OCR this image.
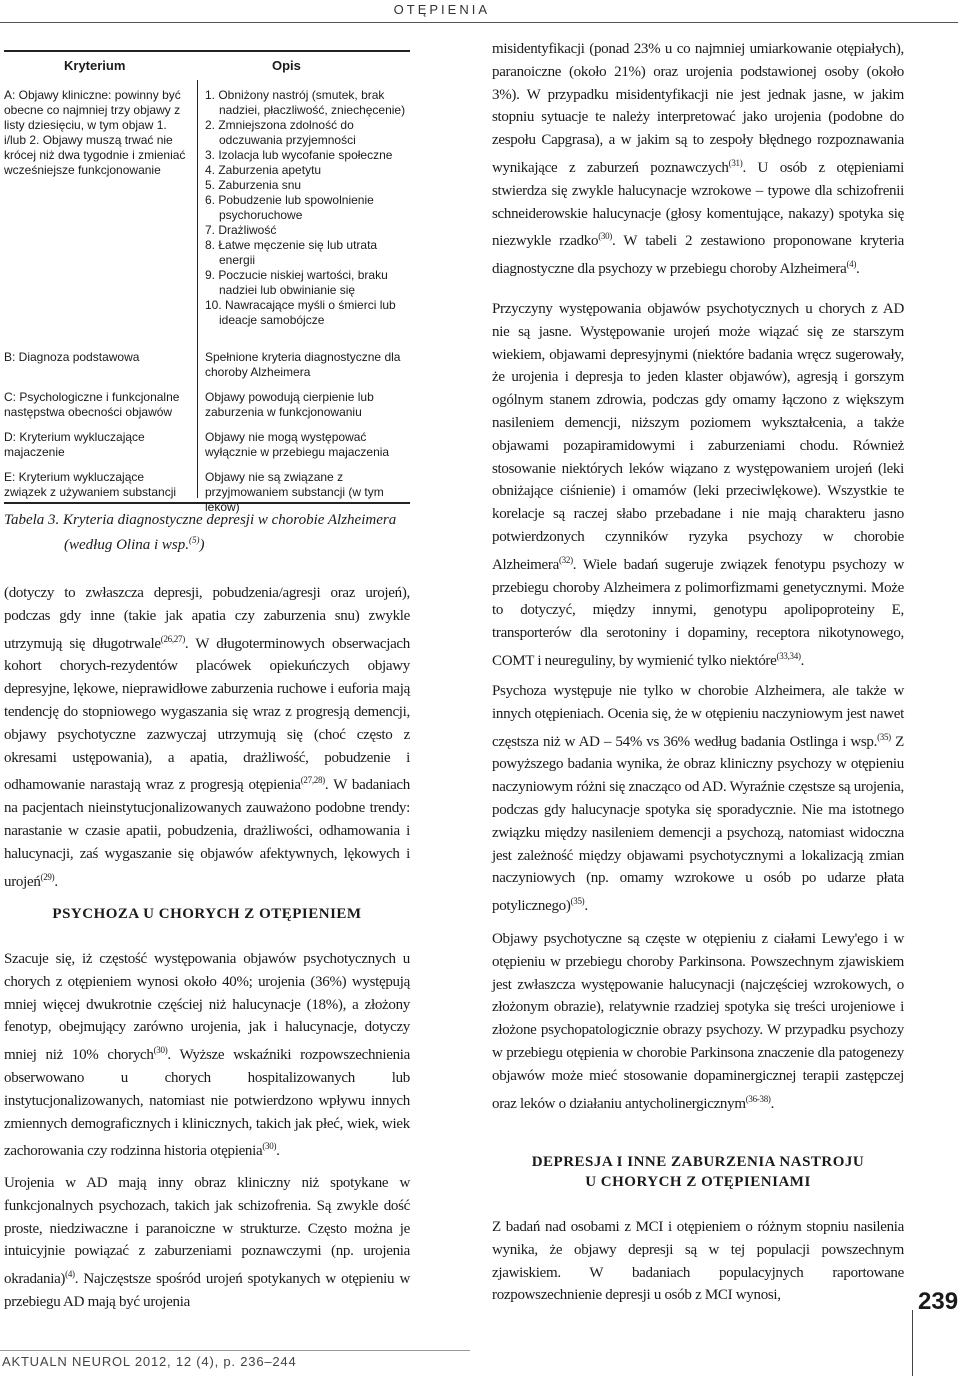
OTĘPIENIA
Kryterium	Opis
A: Objawy kliniczne: powinny być obecne co najmniej trzy objawy z listy dziesięciu, w tym objaw 1. i/lub 2. Objawy muszą trwać nie krócej niż dwa tygodnie i zmieniać wcześniejsze funkcjonowanie
1. Obniżony nastrój (smutek, brak nadziei, płaczliwość, zniechęcenie)
2. Zmniejszona zdolność do odczuwania przyjemności
3. Izolacja lub wycofanie społeczne
4. Zaburzenia apetytu
5. Zaburzenia snu
6. Pobudzenie lub spowolnienie psychoruchowe
7. Drażliwość
8. Łatwe męczenie się lub utrata energii
9. Poczucie niskiej wartości, braku nadziei lub obwinianie się
10. Nawracające myśli o śmierci lub ideacje samobójcze
B: Diagnoza podstawowa	Spełnione kryteria diagnostyczne dla choroby Alzheimera
C: Psychologiczne i funkcjonalne następstwa obecności objawów
Objawy powodują cierpienie lub zaburzenia w funkcjonowaniu
D: Kryterium wykluczające majaczenie
Objawy nie mogą występować wyłącznie w przebiegu majaczenia
E: Kryterium wykluczające związek z używaniem substancji
Objawy nie są związane z przyjmowaniem substancji (w tym leków)
Tabela 3. Kryteria diagnostyczne depresji w chorobie Alzheimera
(według Olina i wsp.$^{(5)}$)
(dotyczy to zwłaszcza depresji, pobudzenia/agresji oraz urojeń), podczas gdy inne (takie jak apatia czy zaburzenia snu) zwykle utrzymują się długotrwale$^{(26,27)}$. W długoterminowych obserwacjach kohort chorych-rezydentów placówek opiekuńczych objawy depresyjne, lękowe, nieprawidłowe zaburzenia ruchowe i euforia mają tendencję do stopniowego wygaszania się wraz z progresją demencji, objawy psychotyczne zazwyczaj utrzymują się (choć często z okresami ustępowania), a apatia, drażliwość, pobudzenie i odhamowanie narastają wraz z progresją otępienia$^{(27,28)}$. W badaniach na pacjentach nieinstytucjonalizowanych zauważono podobne trendy: narastanie w czasie apatii, pobudzenia, drażliwości, odhamowania i halucynacji, zaś wygaszanie się objawów afektywnych, lękowych i urojeń$^{(29)}$.
PSYCHOZA U CHORYCH Z OTĘPIENIEM
Szacuje się, iż częstość występowania objawów psychotycznych u chorych z otępieniem wynosi około 40%; urojenia (36%) występują mniej więcej dwukrotnie częściej niż halucynacje (18%), a złożony fenotyp, obejmujący zarówno urojenia, jak i halucynacje, dotyczy mniej niż 10% chorych$^{(30)}$. Wyższe wskaźniki rozpowszechnienia obserwowano u chorych hospitalizowanych lub instytucjonalizowanych, natomiast nie potwierdzono wpływu innych zmiennych demograficznych i klinicznych, takich jak płeć, wiek, wiek zachorowania czy rodzinna historia otępienia$^{(30)}$.
Urojenia w AD mają inny obraz kliniczny niż spotykane w funkcjonalnych psychozach, takich jak schizofrenia. Są zwykle dość proste, niedziwaczne i paranoiczne w strukturze. Często można je intuicyjnie powiązać z zaburzeniami poznawczymi (np. urojenia okradania)$^{(4)}$. Najczęstsze spośród urojeń spotykanych w otępieniu w przebiegu AD mają być urojenia
misidentyfikacji (ponad 23% u co najmniej umiarkowanie otępiałych), paranoiczne (około 21%) oraz urojenia podstawionej osoby (około 3%). W przypadku misidentyfikacji nie jest jednak jasne, w jakim stopniu sytuacje te należy interpretować jako urojenia (podobne do zespołu Capgrasa), a w jakim są to zespoły błędnego rozpoznawania wynikające z zaburzeń poznawczych$^{(31)}$. U osób z otępieniami stwierdza się zwykle halucynacje wzrokowe – typowe dla schizofrenii schneiderowskie halucynacje (głosy komentujące, nakazy) spotyka się niezwykle rzadko$^{(30)}$. W tabeli 2 zestawiono proponowane kryteria diagnostyczne dla psychozy w przebiegu choroby Alzheimera$^{(4)}$.
Przyczyny występowania objawów psychotycznych u chorych z AD nie są jasne. Występowanie urojeń może wiązać się ze starszym wiekiem, objawami depresyjnymi (niektóre badania wręcz sugerowały, że urojenia i depresja to jeden klaster objawów), agresją i gorszym ogólnym stanem zdrowia, podczas gdy omamy łączono z większym nasileniem demencji, niższym poziomem wykształcenia, a także objawami pozapiramidowymi i zaburzeniami chodu. Również stosowanie niektórych leków wiązano z występowaniem urojeń (leki obniżające ciśnienie) i omamów (leki przeciwlękowe). Wszystkie te korelacje są raczej słabo przebadane i nie mają charakteru jasno potwierdzonych czynników ryzyka psychozy w chorobie Alzheimera$^{(32)}$. Wiele badań sugeruje związek fenotypu psychozy w przebiegu choroby Alzheimera z polimorfizmami genetycznymi. Może to dotyczyć, między innymi, genotypu apolipoproteiny E, transporterów dla serotoniny i dopaminy, receptora nikotynowego, COMT i neureguliny, by wymienić tylko niektóre$^{(33,34)}$.
Psychoza występuje nie tylko w chorobie Alzheimera, ale także w innych otępieniach. Ocenia się, że w otępieniu naczyniowym jest nawet częstsza niż w AD – 54% vs 36% według badania Ostlinga i wsp.$^{(35)}$ Z powyższego badania wynika, że obraz kliniczny psychozy w otępieniu naczyniowym różni się znacząco od AD. Wyraźnie częstsze są urojenia, podczas gdy halucynacje spotyka się sporadycznie. Nie ma istotnego związku między nasileniem demencji a psychozą, natomiast widoczna jest zależność między objawami psychotycznymi a lokalizacją zmian naczyniowych (np. omamy wzrokowe u osób po udarze płata potylicznego)$^{(35)}$.
Objawy psychotyczne są częste w otępieniu z ciałami Lewy'ego i w otępieniu w przebiegu choroby Parkinsona. Powszechnym zjawiskiem jest zwłaszcza występowanie halucynacji (najczęściej wzrokowych, o złożonym obrazie), relatywnie rzadziej spotyka się treści urojeniowe i złożone psychopatologicznie obrazy psychozy. W przypadku psychozy w przebiegu otępienia w chorobie Parkinsona znaczenie dla patogenezy objawów może mieć stosowanie dopaminergicznej terapii zastępczej oraz leków o działaniu antycholinergicznym$^{(36-38)}$.
DEPRESJA I INNE ZABURZENIA NASTROJU
U CHORYCH Z OTĘPIENIAMI
Z badań nad osobami z MCI i otępieniem o różnym stopniu nasilenia wynika, że objawy depresji są w tej populacji powszechnym zjawiskiem. W badaniach populacyjnych raportowane rozpowszechnienie depresji u osób z MCI wynosi,
AKTUALN NEUROL 2012, 12 (4), p. 236–244
239
